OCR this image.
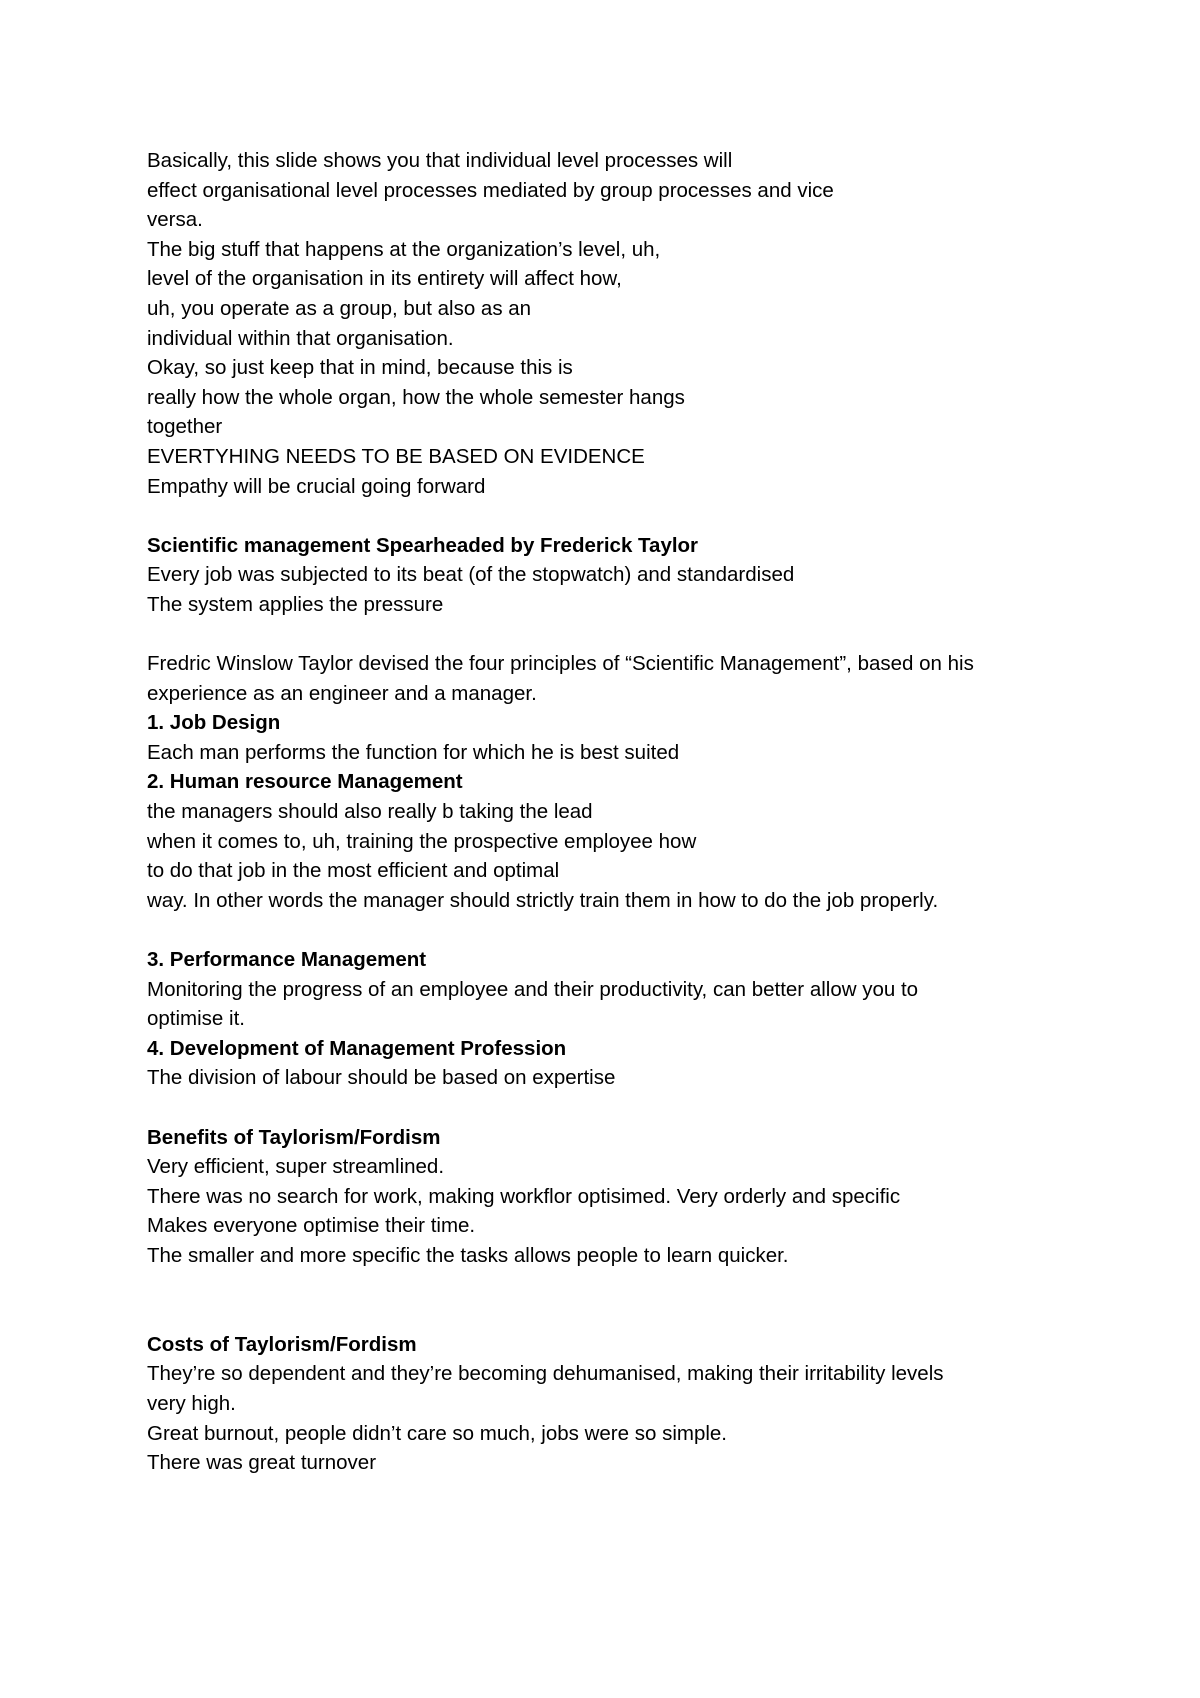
Basically, this slide shows you that individual level processes will
effect organisational level processes mediated by group processes and vice
versa.
The big stuff that happens at the organization’s level, uh,
level of the organisation in its entirety will affect how,
uh, you operate as a group, but also as an
individual within that organisation.
Okay, so just keep that in mind, because this is
really how the whole organ, how the whole semester hangs
together
EVERTYHING NEEDS TO BE BASED ON EVIDENCE
Empathy will be crucial going forward
Scientific management Spearheaded by Frederick Taylor
Every job was subjected to its beat (of the stopwatch) and standardised
The system applies the pressure
Fredric Winslow Taylor devised the four principles of “Scientific Management”, based on his
experience as an engineer and a manager.
1. Job Design
Each man performs the function for which he is best suited
2. Human resource Management
the managers should also really b taking the lead
when it comes to, uh, training the prospective employee how
to do that job in the most efficient and optimal
way. In other words the manager should strictly train them in how to do the job properly.
3. Performance Management
Monitoring the progress of an employee and their productivity, can better allow you to
optimise it.
4. Development of Management Profession
The division of labour should be based on expertise
Benefits of Taylorism/Fordism
Very efficient, super streamlined.
There was no search for work, making workflor optisimed. Very orderly and specific
Makes everyone optimise their time.
The smaller and more specific the tasks allows people to learn quicker.
Costs of Taylorism/Fordism
They’re so dependent and they’re becoming dehumanised, making their irritability levels
very high.
Great burnout, people didn’t care so much, jobs were so simple.
There was great turnover
